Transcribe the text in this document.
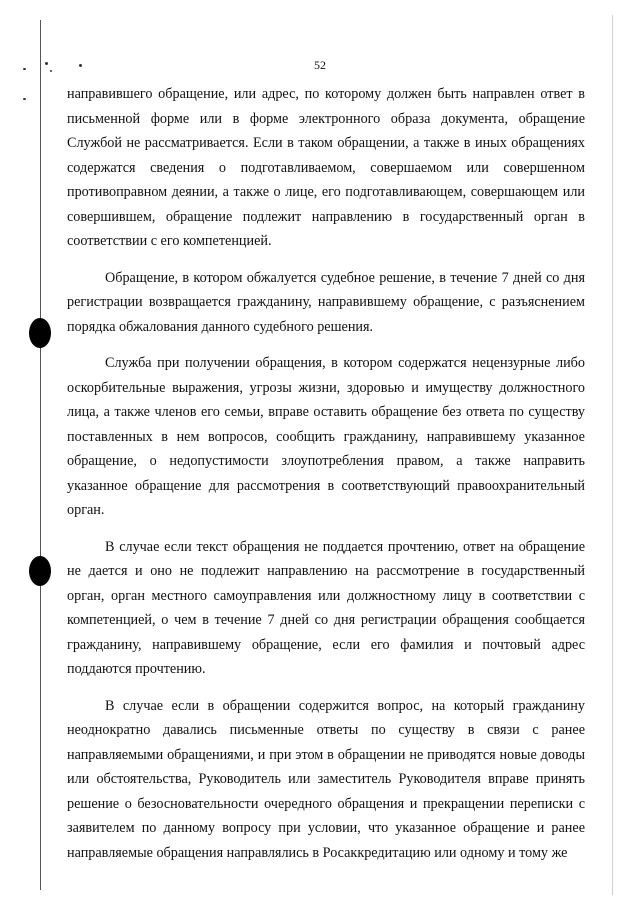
52

направившего обращение, или адрес, по которому должен быть направлен ответ в письменной форме или в форме электронного образа документа, обращение Службой не рассматривается. Если в таком обращении, а также в иных обращениях содержатся сведения о подготавливаемом, совершаемом или совершенном противоправном деянии, а также о лице, его подготавливающем, совершающем или совершившем, обращение подлежит направлению в государственный орган в соответствии с его компетенцией.

Обращение, в котором обжалуется судебное решение, в течение 7 дней со дня регистрации возвращается гражданину, направившему обращение, с разъяснением порядка обжалования данного судебного решения.

Служба при получении обращения, в котором содержатся нецензурные либо оскорбительные выражения, угрозы жизни, здоровью и имуществу должностного лица, а также членов его семьи, вправе оставить обращение без ответа по существу поставленных в нем вопросов, сообщить гражданину, направившему указанное обращение, о недопустимости злоупотребления правом, а также направить указанное обращение для рассмотрения в соответствующий правоохранительный орган.

В случае если текст обращения не поддается прочтению, ответ на обращение не дается и оно не подлежит направлению на рассмотрение в государственный орган, орган местного самоуправления или должностному лицу в соответствии с компетенцией, о чем в течение 7 дней со дня регистрации обращения сообщается гражданину, направившему обращение, если его фамилия и почтовый адрес поддаются прочтению.

В случае если в обращении содержится вопрос, на который гражданину неоднократно давались письменные ответы по существу в связи с ранее направляемыми обращениями, и при этом в обращении не приводятся новые доводы или обстоятельства, Руководитель или заместитель Руководителя вправе принять решение о безосновательности очередного обращения и прекращении переписки с заявителем по данному вопросу при условии, что указанное обращение и ранее направляемые обращения направлялись в Росаккредитацию или одному и тому же
